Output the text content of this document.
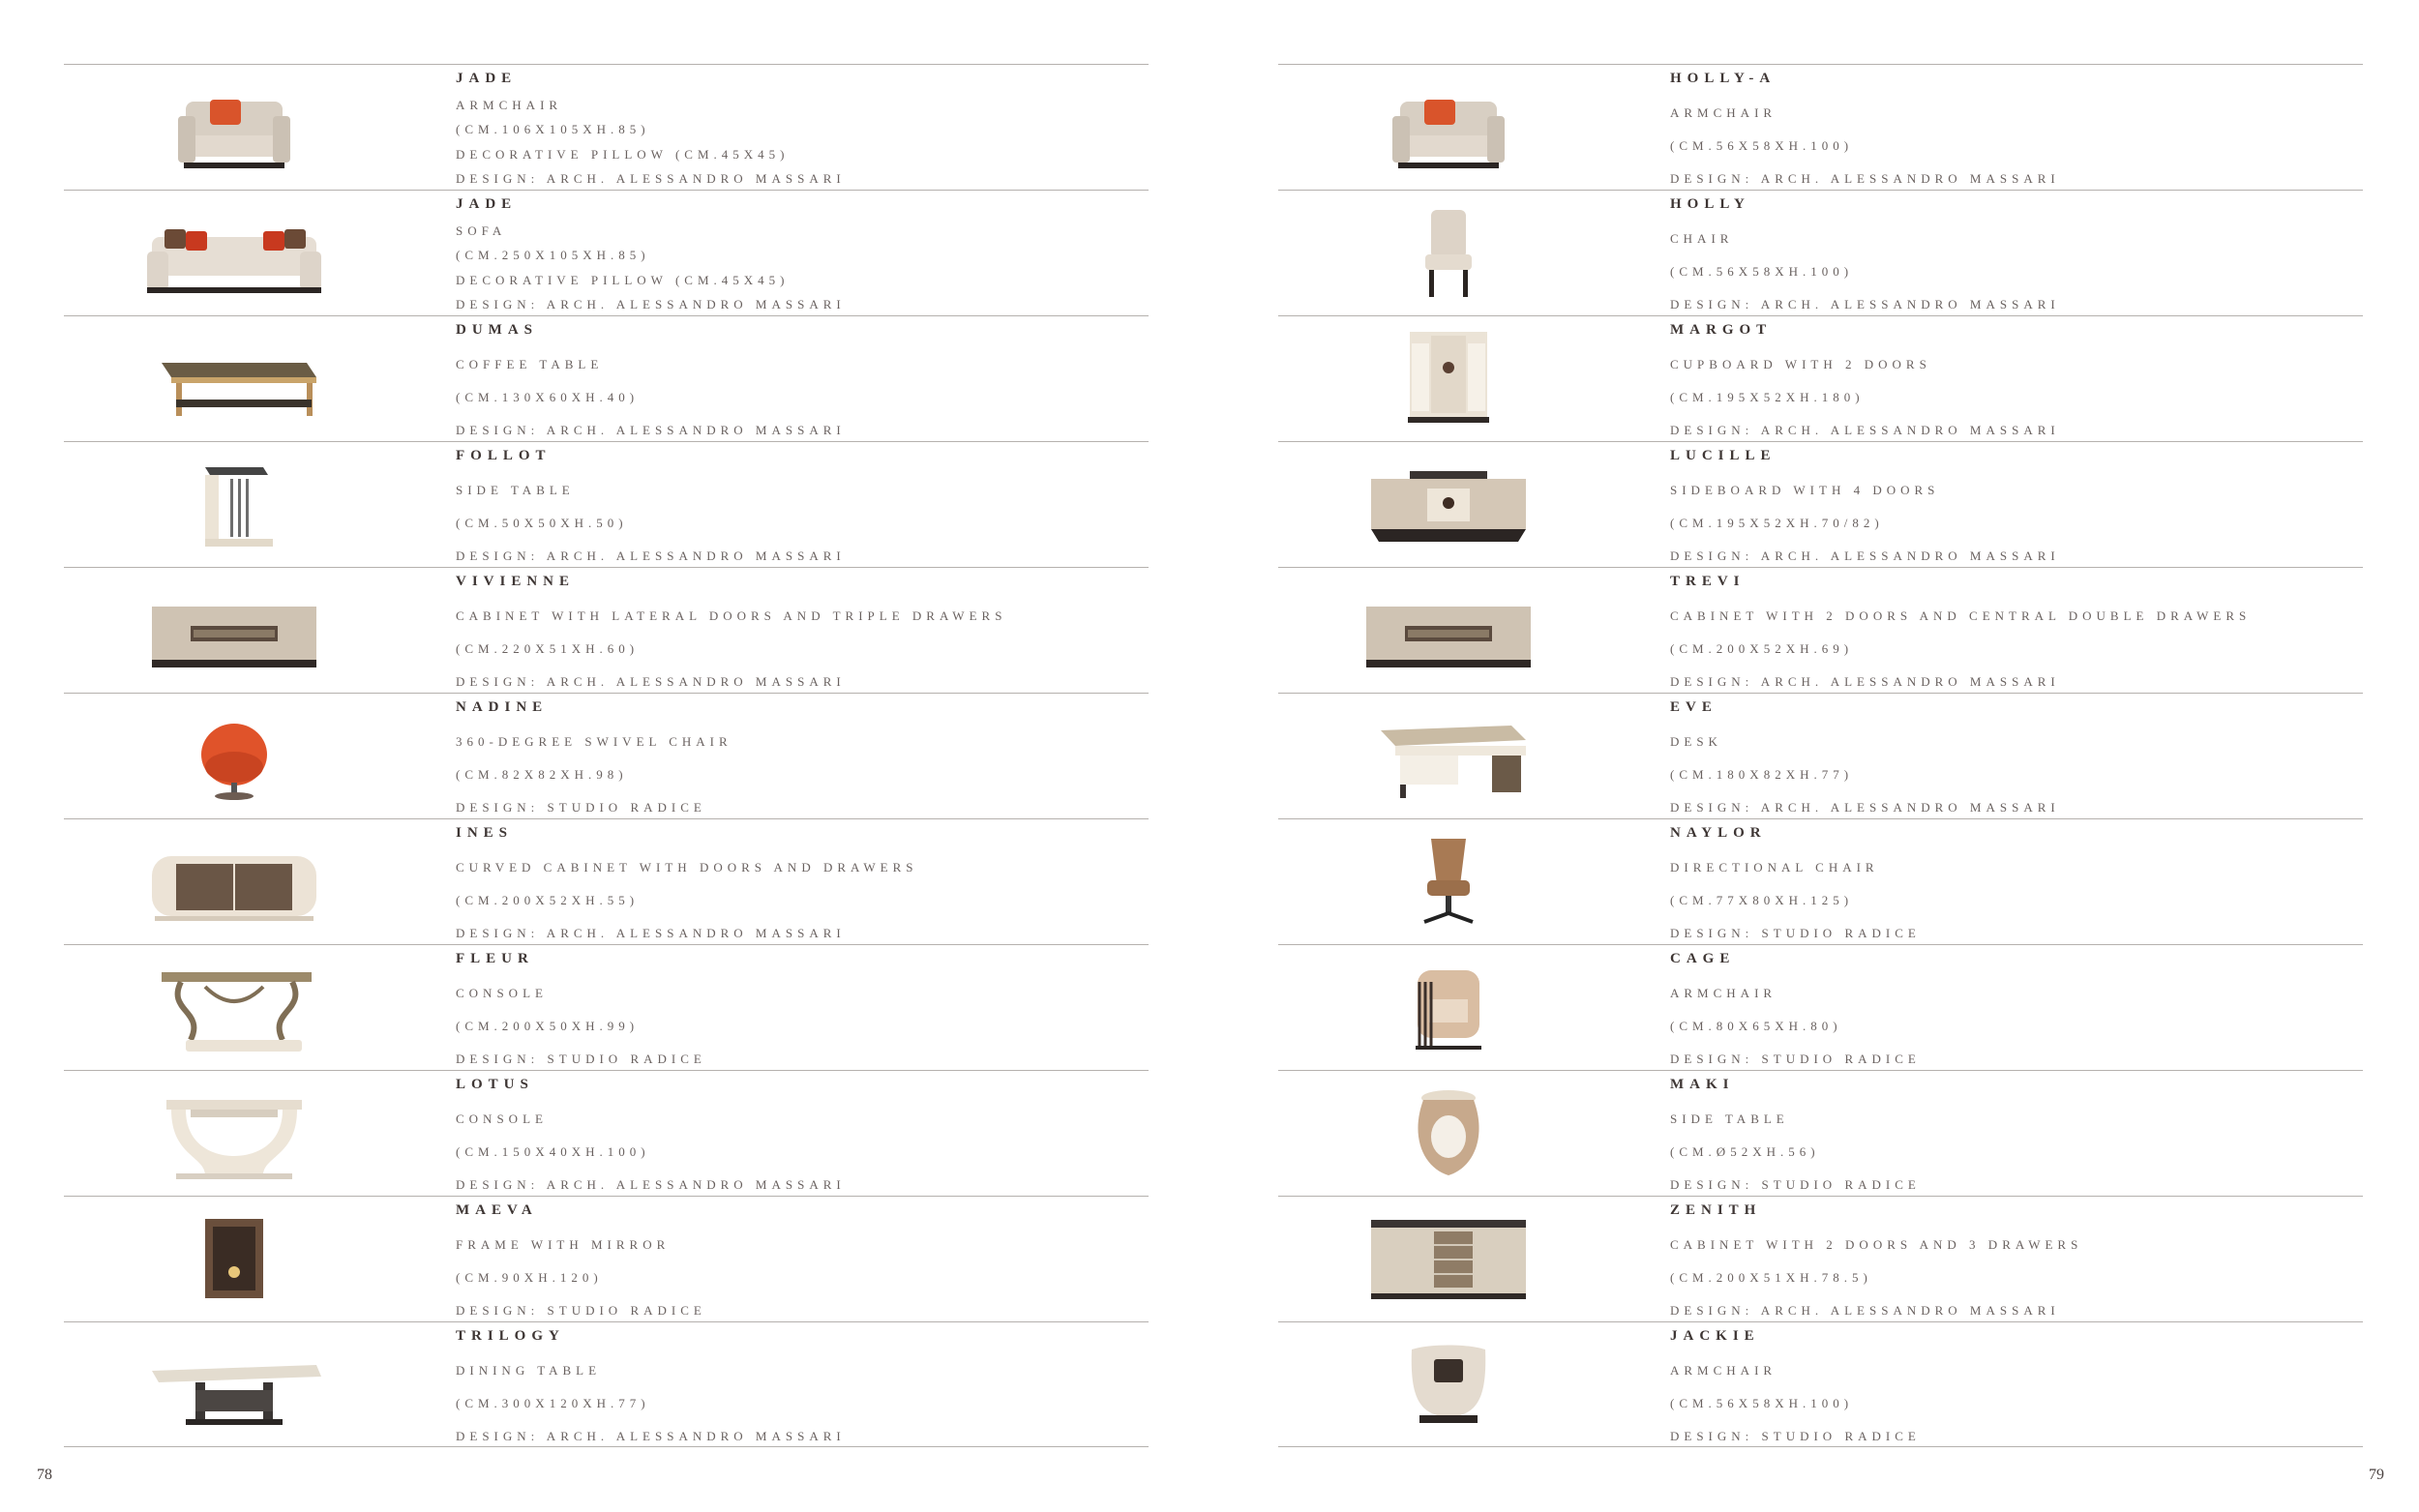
JADE
ARMCHAIR
(CM.106X105XH.85)
DECORATIVE PILLOW (CM.45X45)
DESIGN: ARCH. ALESSANDRO MASSARI
JADE
SOFA
(CM.250X105XH.85)
DECORATIVE PILLOW (CM.45X45)
DESIGN: ARCH. ALESSANDRO MASSARI
DUMAS
COFFEE TABLE
(CM.130X60XH.40)
DESIGN: ARCH. ALESSANDRO MASSARI
FOLLOT
SIDE TABLE
(CM.50X50XH.50)
DESIGN: ARCH. ALESSANDRO MASSARI
VIVIENNE
CABINET WITH LATERAL DOORS AND TRIPLE DRAWERS
(CM.220X51XH.60)
DESIGN: ARCH. ALESSANDRO MASSARI
NADINE
360-DEGREE SWIVEL CHAIR
(CM.82X82XH.98)
DESIGN: STUDIO RADICE
INES
CURVED CABINET WITH DOORS AND DRAWERS
(CM.200X52XH.55)
DESIGN: ARCH. ALESSANDRO MASSARI
FLEUR
CONSOLE
(CM.200X50XH.99)
DESIGN: STUDIO RADICE
LOTUS
CONSOLE
(CM.150X40XH.100)
DESIGN: ARCH. ALESSANDRO MASSARI
MAEVA
FRAME WITH MIRROR
(CM.90XH.120)
DESIGN: STUDIO RADICE
TRILOGY
DINING TABLE
(CM.300X120XH.77)
DESIGN: ARCH. ALESSANDRO MASSARI
HOLLY-A
ARMCHAIR
(CM.56X58XH.100)
DESIGN: ARCH. ALESSANDRO MASSARI
HOLLY
CHAIR
(CM.56X58XH.100)
DESIGN: ARCH. ALESSANDRO MASSARI
MARGOT
CUPBOARD WITH 2 DOORS
(CM.195X52XH.180)
DESIGN: ARCH. ALESSANDRO MASSARI
LUCILLE
SIDEBOARD WITH 4 DOORS
(CM.195X52XH.70/82)
DESIGN: ARCH. ALESSANDRO MASSARI
TREVI
CABINET WITH 2 DOORS AND CENTRAL DOUBLE DRAWERS
(CM.200X52XH.69)
DESIGN: ARCH. ALESSANDRO MASSARI
EVE
DESK
(CM.180X82XH.77)
DESIGN: ARCH. ALESSANDRO MASSARI
NAYLOR
DIRECTIONAL CHAIR
(CM.77X80XH.125)
DESIGN: STUDIO RADICE
CAGE
ARMCHAIR
(CM.80X65XH.80)
DESIGN: STUDIO RADICE
MAKI
SIDE TABLE
(CM.Ø52XH.56)
DESIGN: STUDIO RADICE
ZENITH
CABINET WITH 2 DOORS AND 3 DRAWERS
(CM.200X51XH.78.5)
DESIGN: ARCH. ALESSANDRO MASSARI
JACKIE
ARMCHAIR
(CM.56X58XH.100)
DESIGN: STUDIO RADICE
78	79
